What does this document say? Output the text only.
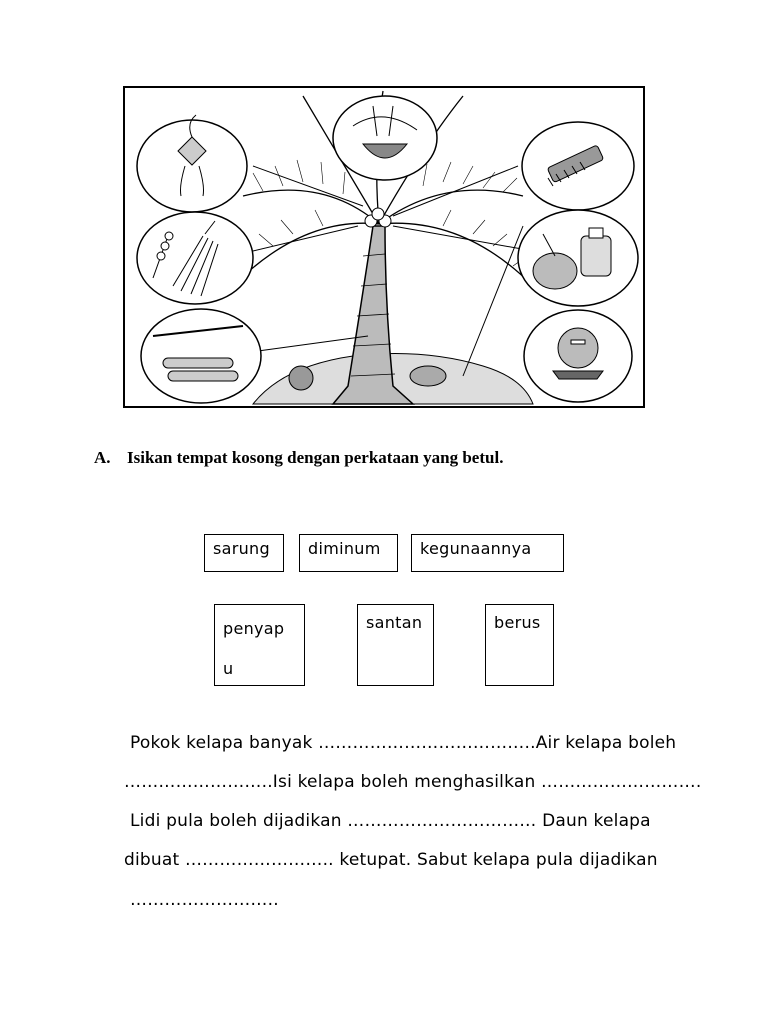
A. Isikan tempat kosong dengan perkataan yang betul.
sarung	diminum	kegunaannya
penyap u
santan	berus
Pokok kelapa banyak ………………………………..Air kelapa boleh
……………………..Isi kelapa boleh menghasilkan ……………………….
Lidi pula boleh dijadikan …………………………… Daun kelapa
dibuat …………………….. ketupat. Sabut kelapa pula dijadikan
……………………..
